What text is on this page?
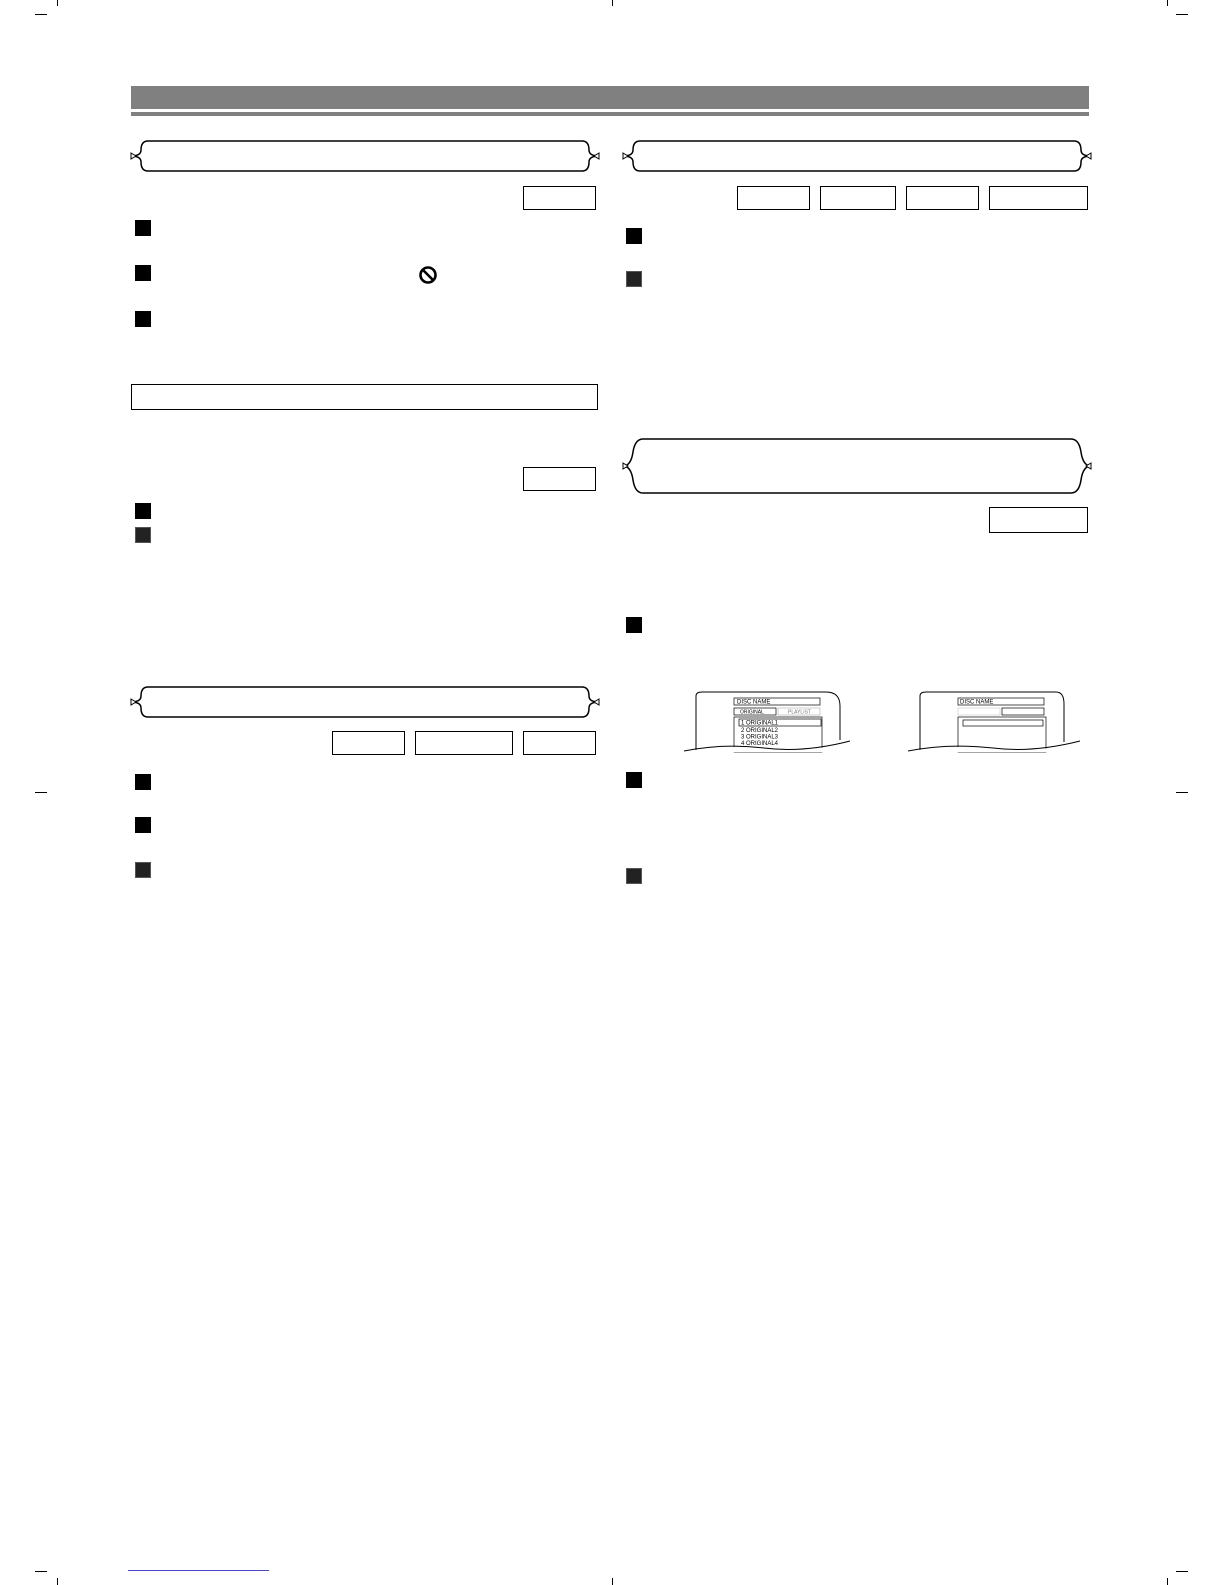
DISC NAME
ORIGINAL	PLAYLIST
1 ORIGINAL1
2 ORIGINAL2
3 ORIGINAL3
4 ORIGINAL4
DISC NAME
